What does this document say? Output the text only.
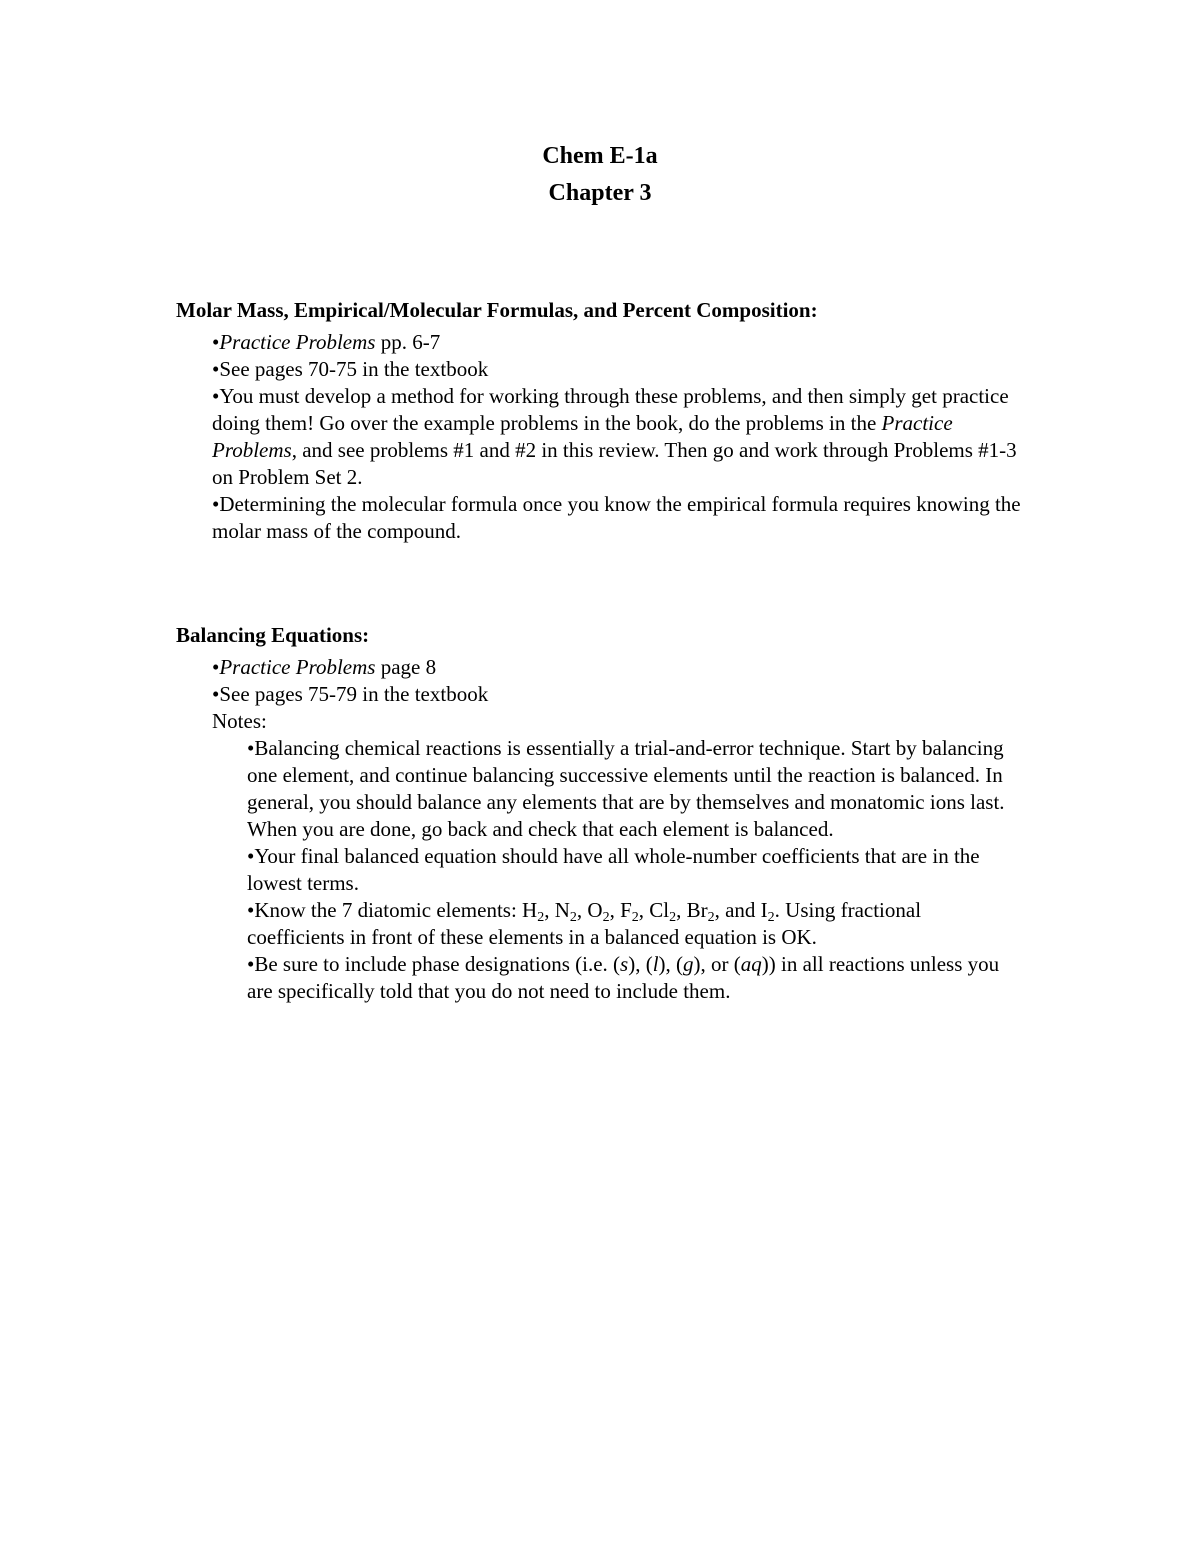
Chem E-1a
Chapter 3
Molar Mass, Empirical/Molecular Formulas, and Percent Composition:
•Practice Problems pp. 6-7
•See pages 70-75 in the textbook
•You must develop a method for working through these problems, and then simply get practice doing them! Go over the example problems in the book, do the problems in the Practice Problems, and see problems #1 and #2 in this review. Then go and work through Problems #1-3 on Problem Set 2.
•Determining the molecular formula once you know the empirical formula requires knowing the molar mass of the compound.
Balancing Equations:
•Practice Problems page 8
•See pages 75-79 in the textbook
Notes:
•Balancing chemical reactions is essentially a trial-and-error technique. Start by balancing one element, and continue balancing successive elements until the reaction is balanced. In general, you should balance any elements that are by themselves and monatomic ions last. When you are done, go back and check that each element is balanced.
•Your final balanced equation should have all whole-number coefficients that are in the lowest terms.
•Know the 7 diatomic elements: $H_2$, $N_2$, $O_2$, $F_2$, $Cl_2$, $Br_2$, and $I_2$. Using fractional coefficients in front of these elements in a balanced equation is OK.
•Be sure to include phase designations (i.e. (s), (l), (g), or (aq)) in all reactions unless you are specifically told that you do not need to include them.
